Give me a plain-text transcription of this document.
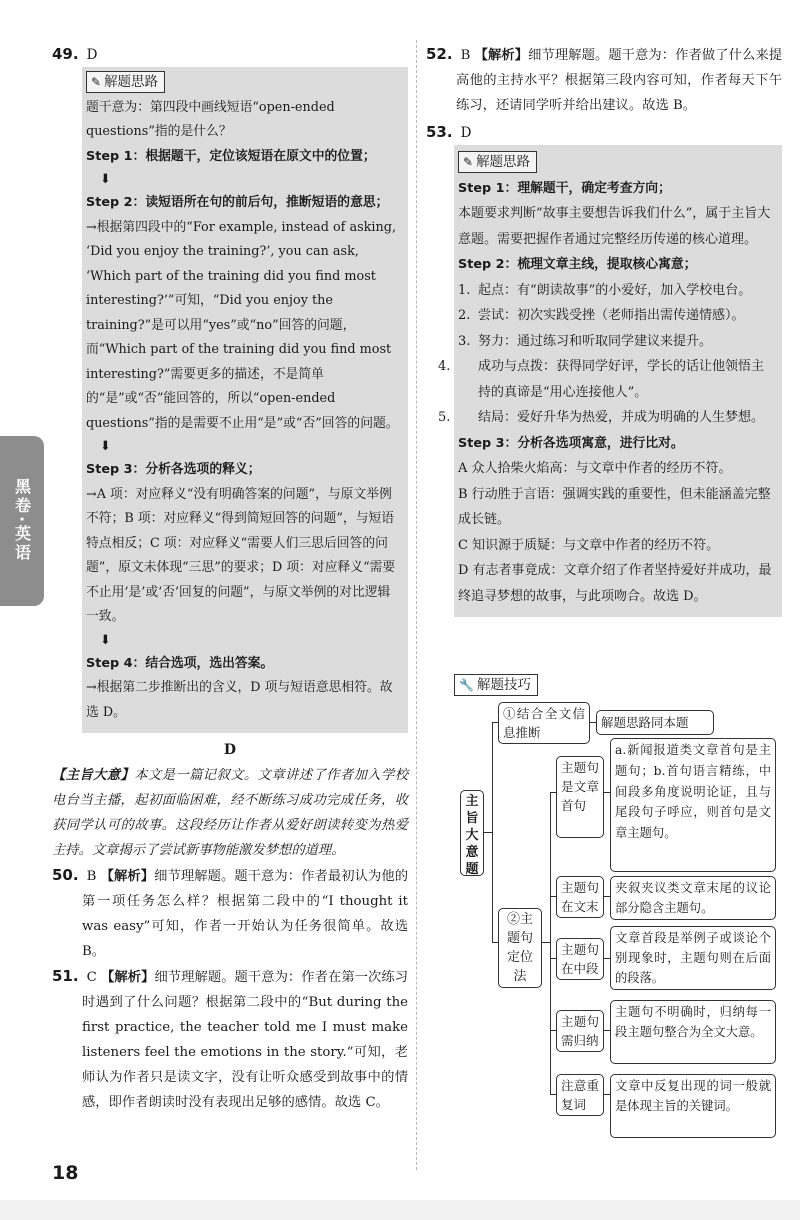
黑卷·英语
49. D
✎ 解题思路
题干意为：第四段中画线短语“open-ended questions”指的是什么？
Step 1：根据题干，定位该短语在原文中的位置；
⬇
Step 2：读短语所在句的前后句，推断短语的意思；
→根据第四段中的“For example, instead of asking, ‘Did you enjoy the training?’, you can ask, ‘Which part of the training did you find most interesting?’”可知，“Did you enjoy the training?”是可以用“yes”或“no”回答的问题，而“Which part of the training did you find most interesting?”需要更多的描述，不是简单的“是”或“否”能回答的，所以“open-ended questions”指的是需要不止用“是”或“否”回答的问题。
⬇
Step 3：分析各选项的释义；
→A 项：对应释义“没有明确答案的问题”，与原文举例不符；B 项：对应释义“得到简短回答的问题”，与短语特点相反；C 项：对应释义“需要人们三思后回答的问题”，原文未体现“三思”的要求；D 项：对应释义“需要不止用‘是’或‘否’回复的问题”，与原文举例的对比逻辑一致。
⬇
Step 4：结合选项，选出答案。
→根据第二步推断出的含义，D 项与短语意思相符。故选 D。
D
【主旨大意】本文是一篇记叙文。文章讲述了作者加入学校电台当主播，起初面临困难，经不断练习成功完成任务，收获同学认可的故事。这段经历让作者从爱好朗读转变为热爱主持。文章揭示了尝试新事物能激发梦想的道理。
50. B 【解析】细节理解题。题干意为：作者最初认为他的第一项任务怎么样？根据第二段中的“I thought it was easy”可知，作者一开始认为任务很简单。故选 B。
51. C 【解析】细节理解题。题干意为：作者在第一次练习时遇到了什么问题？根据第二段中的“But during the first practice, the teacher told me I must make listeners feel the emotions in the story.”可知，老师认为作者只是读文字，没有让听众感受到故事中的情感，即作者朗读时没有表现出足够的感情。故选 C。
52. B 【解析】细节理解题。题干意为：作者做了什么来提高他的主持水平？根据第三段内容可知，作者每天下午练习，还请同学听并给出建议。故选 B。
53. D
✎ 解题思路
Step 1：理解题干，确定考查方向；
本题要求判断“故事主要想告诉我们什么”，属于主旨大意题。需要把握作者通过完整经历传递的核心道理。
Step 2：梳理文章主线，提取核心寓意；
1. 起点：有“朗读故事”的小爱好，加入学校电台。
2. 尝试：初次实践受挫（老师指出需传递情感）。
3. 努力：通过练习和听取同学建议来提升。
4. 成功与点拨：获得同学好评，学长的话让他领悟主持的真谛是“用心连接他人”。
5. 结局：爱好升华为热爱，并成为明确的人生梦想。
Step 3：分析各选项寓意，进行比对。
A 众人拾柴火焰高：与文章中作者的经历不符。
B 行动胜于言语：强调实践的重要性，但未能涵盖完整成长链。
C 知识源于质疑：与文章中作者的经历不符。
D 有志者事竟成：文章介绍了作者坚持爱好并成功，最终追寻梦想的故事，与此项吻合。故选 D。
🔧 解题技巧
主旨大意题
①结合全文信息推断
解题思路同本题
②主题句定位法
主题句是文章首句
a.新闻报道类文章首句是主题句；b.首句语言精练，中间段多角度说明论证，且与尾段句子呼应，则首句是文章主题句。
主题句在文末
夹叙夹议类文章末尾的议论部分隐含主题句。
主题句在中段
文章首段是举例子或谈论个别现象时，主题句则在后面的段落。
主题句需归纳
主题句不明确时，归纳每一段主题句整合为全文大意。
注意重复词
文章中反复出现的词一般就是体现主旨的关键词。
18
